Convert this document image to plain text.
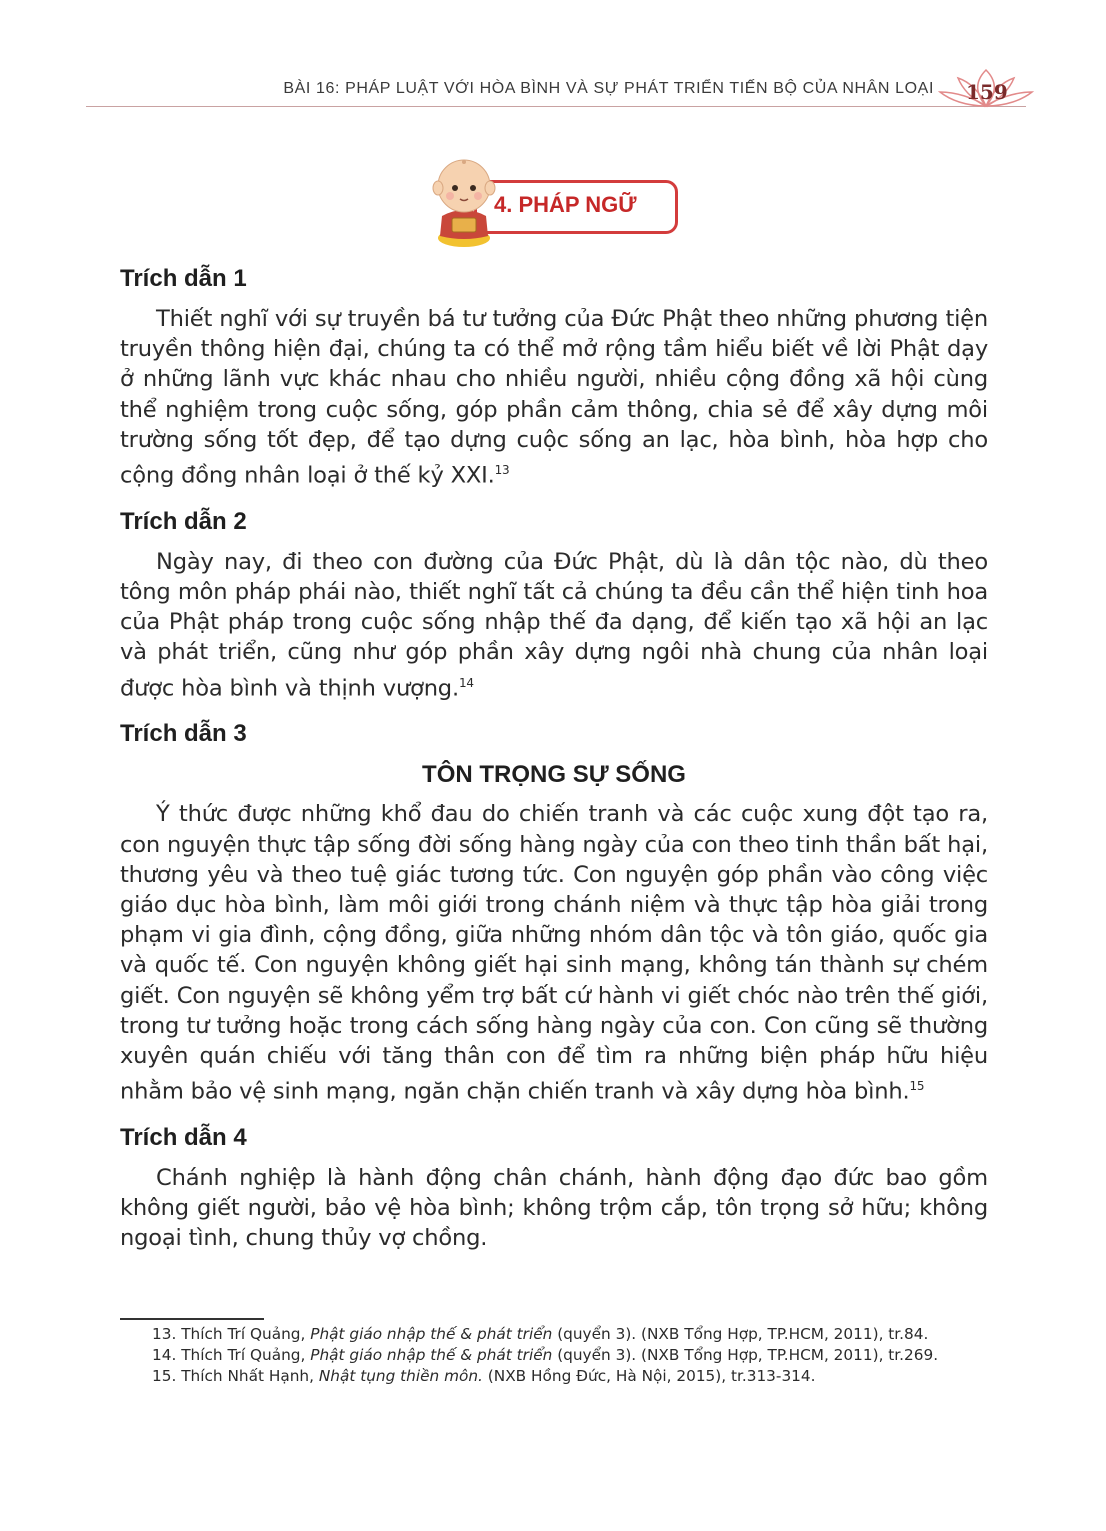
BÀI 16: PHÁP LUẬT VỚI HÒA BÌNH VÀ SỰ PHÁT TRIỂN TIẾN BỘ CỦA NHÂN LOẠI 159
4. PHÁP NGỮ
Trích dẫn 1

Thiết nghĩ với sự truyền bá tư tưởng của Đức Phật theo những phương tiện truyền thông hiện đại, chúng ta có thể mở rộng tầm hiểu biết về lời Phật dạy ở những lãnh vực khác nhau cho nhiều người, nhiều cộng đồng xã hội cùng thể nghiệm trong cuộc sống, góp phần cảm thông, chia sẻ để xây dựng môi trường sống tốt đẹp, để tạo dựng cuộc sống an lạc, hòa bình, hòa hợp cho cộng đồng nhân loại ở thế kỷ XXI.$^{13}$

Trích dẫn 2

Ngày nay, đi theo con đường của Đức Phật, dù là dân tộc nào, dù theo tông môn pháp phái nào, thiết nghĩ tất cả chúng ta đều cần thể hiện tinh hoa của Phật pháp trong cuộc sống nhập thế đa dạng, để kiến tạo xã hội an lạc và phát triển, cũng như góp phần xây dựng ngôi nhà chung của nhân loại được hòa bình và thịnh vượng.$^{14}$

Trích dẫn 3
TÔN TRỌNG SỰ SỐNG

Ý thức được những khổ đau do chiến tranh và các cuộc xung đột tạo ra, con nguyện thực tập sống đời sống hàng ngày của con theo tinh thần bất hại, thương yêu và theo tuệ giác tương tức. Con nguyện góp phần vào công việc giáo dục hòa bình, làm môi giới trong chánh niệm và thực tập hòa giải trong phạm vi gia đình, cộng đồng, giữa những nhóm dân tộc và tôn giáo, quốc gia và quốc tế. Con nguyện không giết hại sinh mạng, không tán thành sự chém giết. Con nguyện sẽ không yểm trợ bất cứ hành vi giết chóc nào trên thế giới, trong tư tưởng hoặc trong cách sống hàng ngày của con. Con cũng sẽ thường xuyên quán chiếu với tăng thân con để tìm ra những biện pháp hữu hiệu nhằm bảo vệ sinh mạng, ngăn chặn chiến tranh và xây dựng hòa bình.$^{15}$

Trích dẫn 4

Chánh nghiệp là hành động chân chánh, hành động đạo đức bao gồm không giết người, bảo vệ hòa bình; không trộm cắp, tôn trọng sở hữu; không ngoại tình, chung thủy vợ chồng.

13. Thích Trí Quảng, Phật giáo nhập thế & phát triển (quyển 3). (NXB Tổng Hợp, TP.HCM, 2011), tr.84.

14. Thích Trí Quảng, Phật giáo nhập thế & phát triển (quyển 3). (NXB Tổng Hợp, TP.HCM, 2011), tr.269.

15. Thích Nhất Hạnh, Nhật tụng thiền môn. (NXB Hồng Đức, Hà Nội, 2015), tr.313-314.
